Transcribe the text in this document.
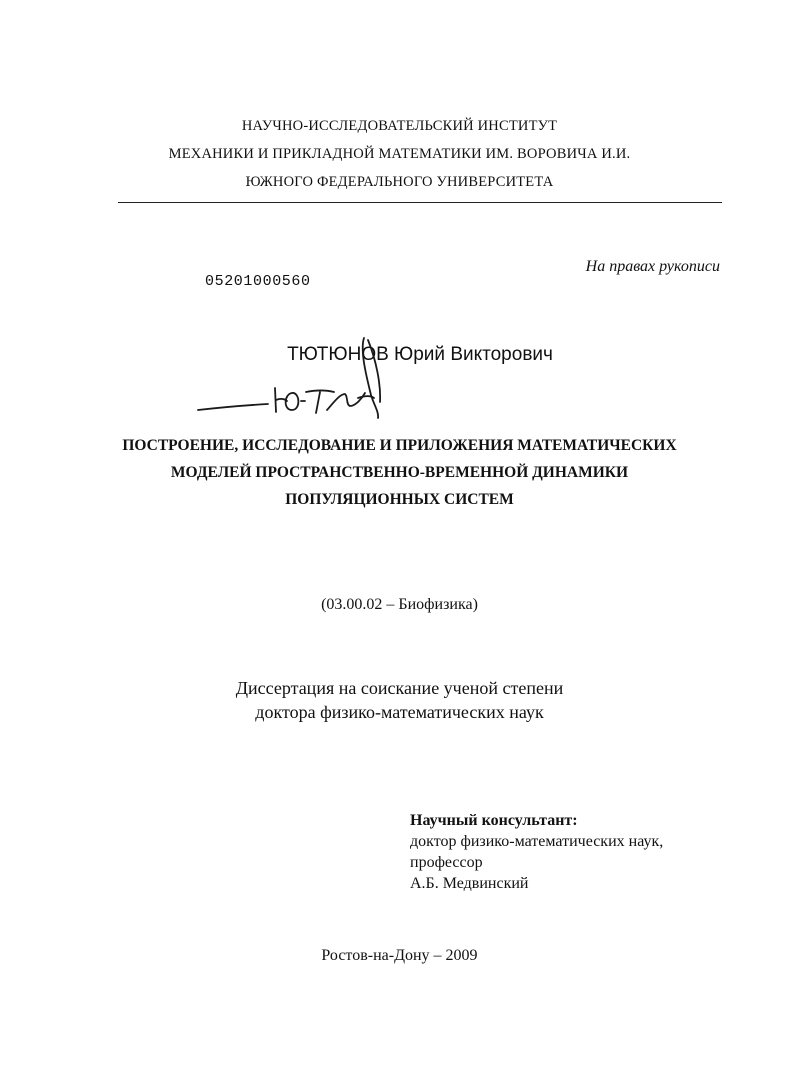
НАУЧНО-ИССЛЕДОВАТЕЛЬСКИЙ ИНСТИТУТ
МЕХАНИКИ И ПРИКЛАДНОЙ МАТЕМАТИКИ ИМ. ВОРОВИЧА И.И.
ЮЖНОГО ФЕДЕРАЛЬНОГО УНИВЕРСИТЕТА
На правах рукописи
05201000560
ТЮТЮНОВ Юрий Викторович
ПОСТРОЕНИЕ, ИССЛЕДОВАНИЕ И ПРИЛОЖЕНИЯ МАТЕМАТИЧЕСКИХ
МОДЕЛЕЙ ПРОСТРАНСТВЕННО-ВРЕМЕННОЙ ДИНАМИКИ
ПОПУЛЯЦИОННЫХ СИСТЕМ
(03.00.02 – Биофизика)
Диссертация на соискание ученой степени
доктора физико-математических наук
Научный консультант:
доктор физико-математических наук,
профессор
А.Б. Медвинский
Ростов-на-Дону – 2009
